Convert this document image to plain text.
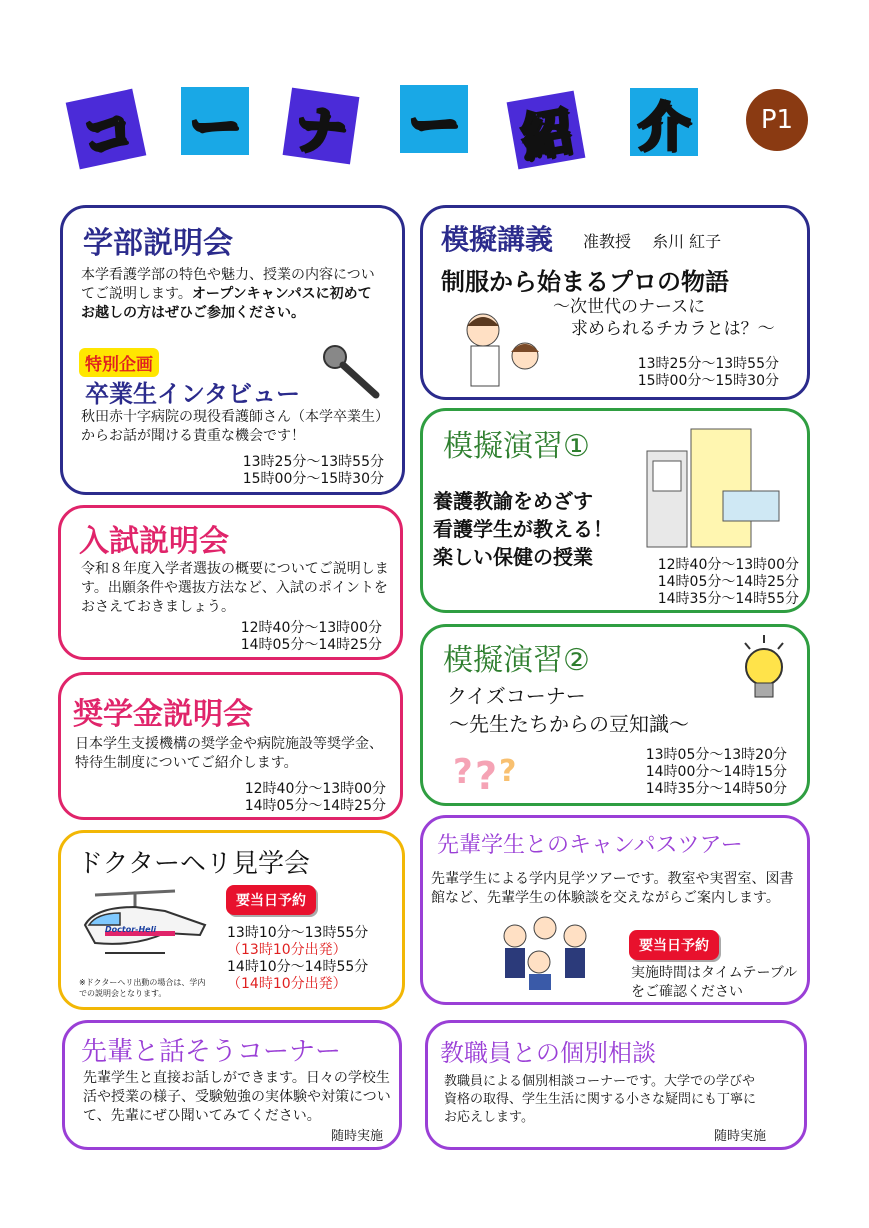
コ ー ナ ー 紹 介	P1
学部説明会
本学看護学部の特色や魅力、授業の内容についてご説明します。オープンキャンパスに初めてお越しの方はぜひご参加ください。
特別企画
卒業生インタビュー
秋田赤十字病院の現役看護師さん（本学卒業生）からお話が聞ける貴重な機会です！
13時25分～13時55分
15時00分～15時30分
入試説明会
令和８年度入学者選抜の概要についてご説明します。出願条件や選抜方法など、入試のポイントをおさえておきましょう。
12時40分～13時00分
14時05分～14時25分
奨学金説明会
日本学生支援機構の奨学金や病院施設等奨学金、特待生制度についてご紹介します。
12時40分～13時00分
14時05分～14時25分
ドクターヘリ見学会
Doctor-Heli
要当日予約
13時10分～13時55分
（13時10分出発）
14時10分～14時55分
（14時10分出発）
※ドクターヘリ出動の場合は、学内での説明会となります。
先輩と話そうコーナー
先輩学生と直接お話しができます。日々の学校生活や授業の様子、受験勉強の実体験や対策について、先輩にぜひ聞いてみてください。
随時実施
模擬講義 准教授　 糸川 紅子
制服から始まるプロの物語
～次世代のナースに
求められるチカラとは？～
13時25分～13時55分
15時00分～15時30分
模擬演習①
養護教諭をめざす
看護学生が教える！
楽しい保健の授業	12時40分～13時00分
14時05分～14時25分
14時35分～14時55分
模擬演習②
クイズコーナー
～先生たちからの豆知識～
? ? ?	13時05分～13時20分
14時00分～14時15分
14時35分～14時50分
先輩学生とのキャンパスツアー
先輩学生による学内見学ツアーです。教室や実習室、図書館など、先輩学生の体験談を交えながらご案内します。
要当日予約
実施時間はタイムテーブルをご確認ください
教職員との個別相談
教職員による個別相談コーナーです。大学での学びや資格の取得、学生生活に関する小さな疑問にも丁寧にお応えします。
随時実施
